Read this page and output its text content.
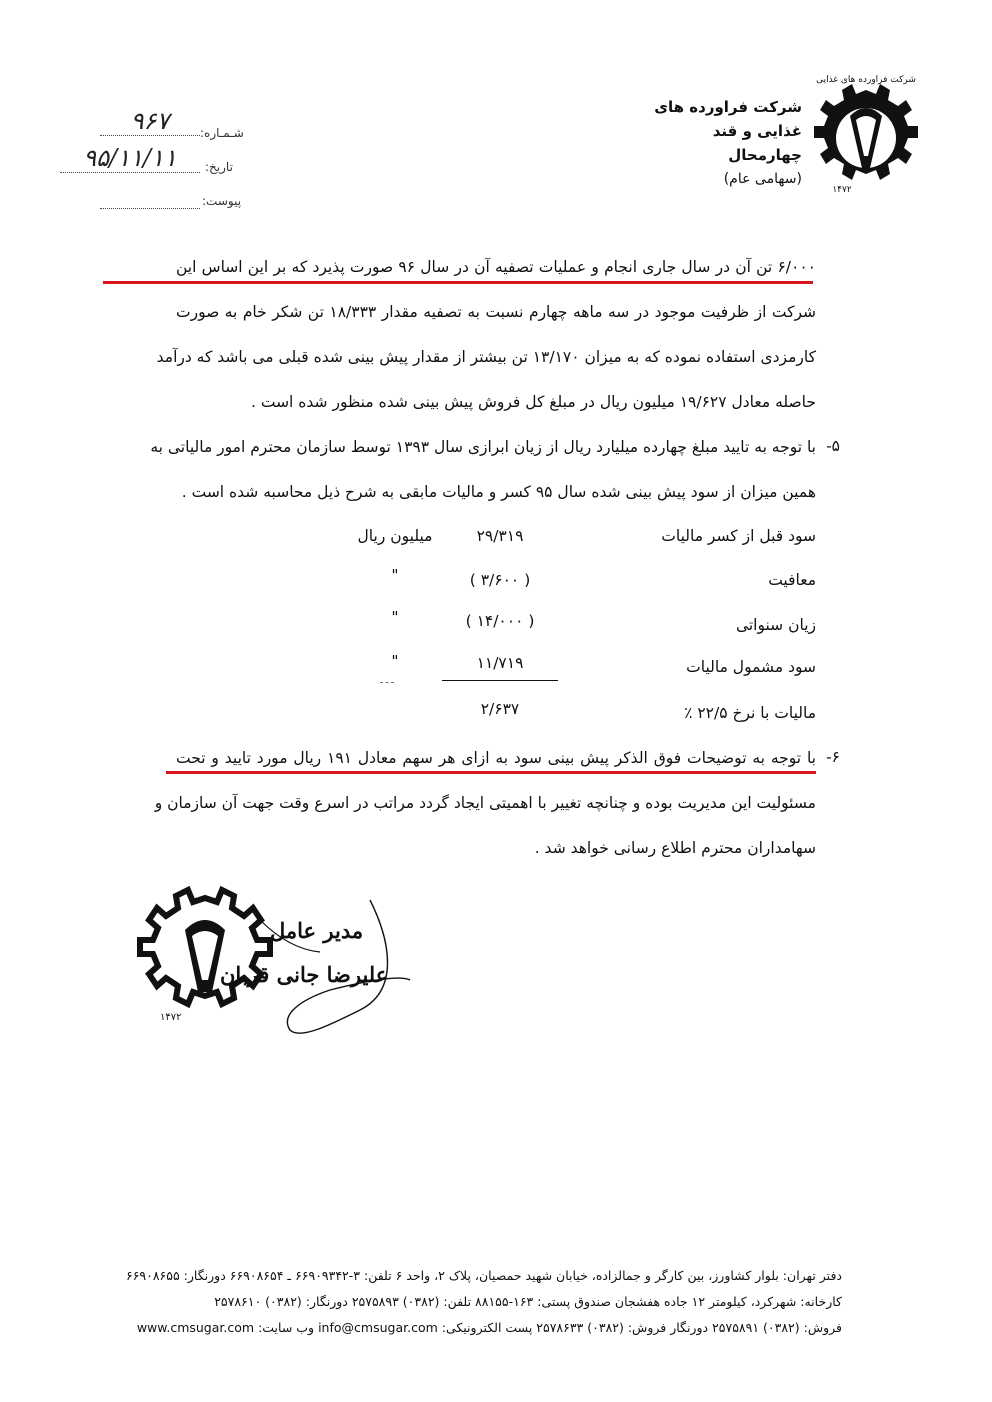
شرکت فراورده های غذایی
۱۴۷۲
شرکت فراورده های
غذایی و قند
چهارمحال
(سهامی عام)
شـمـاره:
۹۶۷
تاریخ:
۹۵/۱۱/۱۱
پیوست:
۶/۰۰۰ تن آن در سال جاری انجام و عملیات تصفیه آن در سال ۹۶ صورت پذیرد که بر این اساس این
شرکت از ظرفیت موجود در سه ماهه چهارم نسبت به تصفیه مقدار ۱۸/۳۳۳ تن شکر خام به صورت
کارمزدی استفاده نموده که به میزان ۱۳/۱۷۰ تن بیشتر از مقدار پیش بینی شده قبلی می باشد که درآمد
حاصله معادل ۱۹/۶۲۷ میلیون ریال در مبلغ کل فروش پیش بینی شده منظور شده است .
-۵
با توجه به تایید مبلغ چهارده میلیارد ریال از زیان ابرازی سال ۱۳۹۳ توسط سازمان محترم امور مالیاتی به
همین میزان از سود پیش بینی شده سال ۹۵ کسر و مالیات مابقی به شرح ذیل محاسبه شده است .
سود قبل از کسر مالیات
۲۹/۳۱۹
میلیون ریال
معافیت
( ۳/۶۰۰ )
"
زیان سنواتی
( ۱۴/۰۰۰ )
"
سود مشمول مالیات
۱۱/۷۱۹
"
مالیات با نرخ ۲۲/۵ ٪
۲/۶۳۷
-۶
با توجه به توضیحات فوق الذکر پیش بینی سود به ازای هر سهم معادل ۱۹۱ ریال مورد تایید و تحت
مسئولیت این مدیریت بوده و چنانچه تغییر با اهمیتی ایجاد گردد مراتب در اسرع وقت جهت آن سازمان و
سهامداران محترم اطلاع رسانی خواهد شد .
۱۴۷۲
مدیر عامل
علیرضا جانی قربان
دفتر تهران: بلوار کشاورز، بین کارگر و جمالزاده، خیابان شهید حمصیان، پلاک ۲، واحد ۶ تلفن: ۳-۶۶۹۰۹۳۴۲ ـ ۶۶۹۰۸۶۵۴ دورنگار: ۶۶۹۰۸۶۵۵
کارخانه: شهرکرد، کیلومتر ۱۲ جاده هفشجان صندوق پستی: ۱۶۳-۸۸۱۵۵ تلفن: (۰۳۸۲) ۲۵۷۵۸۹۳ دورنگار: (۰۳۸۲) ۲۵۷۸۶۱۰
فروش: (۰۳۸۲) ۲۵۷۵۸۹۱ دورنگار فروش: (۰۳۸۲) ۲۵۷۸۶۳۳ پست الکترونیکی: info@cmsugar.com وب سایت: www.cmsugar.com
